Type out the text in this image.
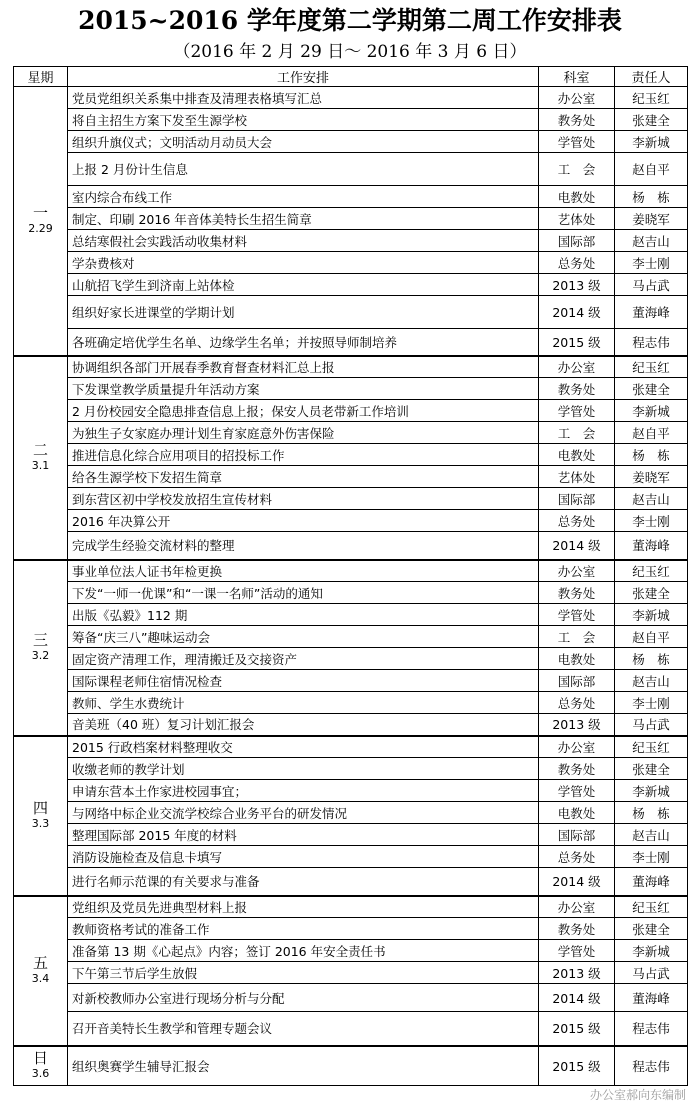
2015~2016 学年度第二学期第二周工作安排表
（2016 年 2 月 29 日～ 2016 年 3 月 6 日）
星期	工作安排	科室	责任人

一
2.29	党员党组织关系集中排查及清理表格填写汇总	办公室	纪玉红
	将自主招生方案下发至生源学校	教务处	张建全
	组织升旗仪式；文明活动月动员大会	学管处	李新城
	上报 2 月份计生信息	工　会	赵自平
	室内综合布线工作	电教处	杨　栋
	制定、印刷 2016 年音体美特长生招生简章	艺体处	姜晓军
	总结寒假社会实践活动收集材料	国际部	赵吉山
	学杂费核对	总务处	李士刚
	山航招飞学生到济南上站体检	2013 级	马占武
	组织好家长进课堂的学期计划	2014 级	董海峰
	各班确定培优学生名单、边缘学生名单；并按照导师制培养	2015 级	程志伟

二
3.1	协调组织各部门开展春季教育督查材料汇总上报	办公室	纪玉红
	下发课堂教学质量提升年活动方案	教务处	张建全
	2 月份校园安全隐患排查信息上报；保安人员老带新工作培训	学管处	李新城
	为独生子女家庭办理计划生育家庭意外伤害保险	工　会	赵自平
	推进信息化综合应用项目的招投标工作	电教处	杨　栋
	给各生源学校下发招生简章	艺体处	姜晓军
	到东营区初中学校发放招生宣传材料	国际部	赵吉山
	2016 年决算公开	总务处	李士刚
	完成学生经验交流材料的整理	2014 级	董海峰

三
3.2	事业单位法人证书年检更换	办公室	纪玉红
	下发“一师一优课”和“一课一名师”活动的通知	教务处	张建全
	出版《弘毅》112 期	学管处	李新城
	筹备“庆三八”趣味运动会	工　会	赵自平
	固定资产清理工作，理清搬迁及交接资产	电教处	杨　栋
	国际课程老师住宿情况检查	国际部	赵吉山
	教师、学生水费统计	总务处	李士刚
	音美班（40 班）复习计划汇报会	2013 级	马占武

四
3.3	2015 行政档案材料整理收交	办公室	纪玉红
	收缴老师的教学计划	教务处	张建全
	申请东营本土作家进校园事宜；	学管处	李新城
	与网络中标企业交流学校综合业务平台的研发情况	电教处	杨　栋
	整理国际部 2015 年度的材料	国际部	赵吉山
	消防设施检查及信息卡填写	总务处	李士刚
	进行名师示范课的有关要求与准备	2014 级	董海峰

五
3.4	党组织及党员先进典型材料上报	办公室	纪玉红
	教师资格考试的准备工作	教务处	张建全
	准备第 13 期《心起点》内容；签订 2016 年安全责任书	学管处	李新城
	下午第三节后学生放假	2013 级	马占武
	对新校教师办公室进行现场分析与分配	2014 级	董海峰
	召开音美特长生教学和管理专题会议	2015 级	程志伟

日
3.6	组织奥赛学生辅导汇报会	2015 级	程志伟
办公室郝向东编制
